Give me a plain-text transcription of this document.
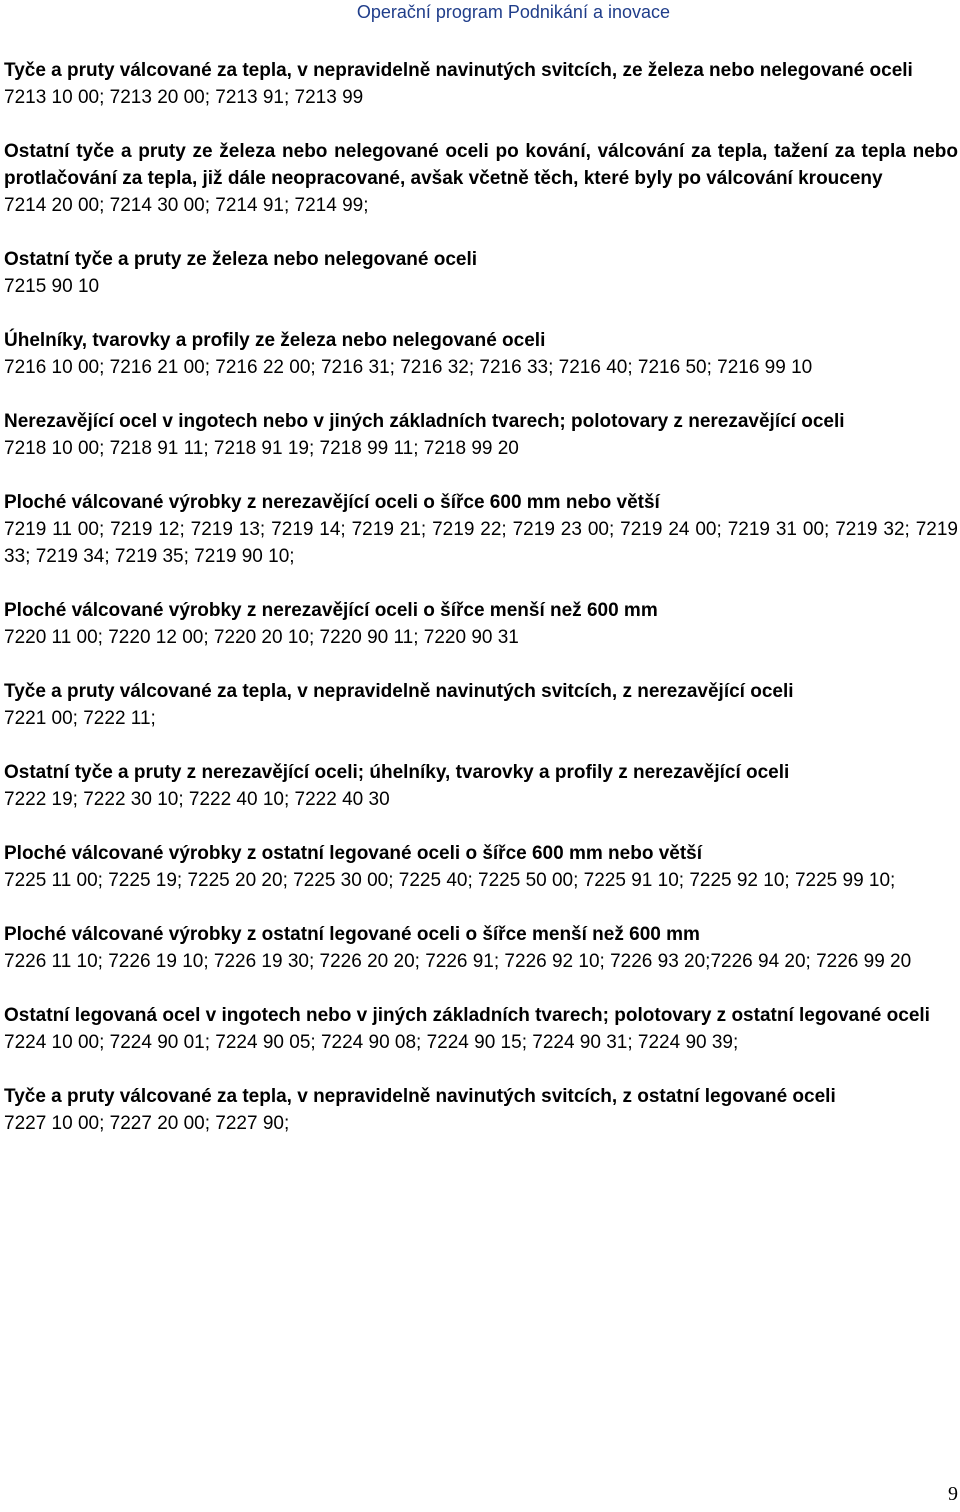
Operační program Podnikání a inovace

Tyče a pruty válcované za tepla, v nepravidelně navinutých svitcích, ze železa nebo nelegované oceli

7213 10 00; 7213 20 00; 7213 91; 7213 99

Ostatní tyče a pruty ze železa nebo nelegované oceli po kování, válcování za tepla, tažení za tepla nebo protlačování za tepla, již dále neopracované, avšak včetně těch, které byly po válcování krouceny

7214 20 00; 7214 30 00; 7214 91; 7214 99;

Ostatní tyče a pruty ze železa nebo nelegované oceli

7215 90 10

Úhelníky, tvarovky a profily ze železa nebo nelegované oceli

7216 10 00; 7216 21 00; 7216 22 00; 7216 31; 7216 32; 7216 33; 7216 40; 7216 50; 7216 99 10

Nerezavějící ocel v ingotech nebo v jiných základních tvarech; polotovary z nerezavějící oceli

7218 10 00; 7218 91 11; 7218 91 19; 7218 99 11; 7218 99 20

Ploché válcované výrobky z nerezavějící oceli o šířce 600 mm nebo větší

7219 11 00; 7219 12; 7219 13; 7219 14; 7219 21; 7219 22; 7219 23 00; 7219 24 00; 7219 31 00; 7219 32; 7219 33; 7219 34; 7219 35; 7219 90 10;

Ploché válcované výrobky z nerezavějící oceli o šířce menší než 600 mm

7220 11 00; 7220 12 00; 7220 20 10; 7220 90 11; 7220 90 31

Tyče a pruty válcované za tepla, v nepravidelně navinutých svitcích, z nerezavějící oceli

7221 00; 7222 11;

Ostatní tyče a pruty z nerezavějící oceli; úhelníky, tvarovky a profily z nerezavějící oceli

7222 19; 7222 30 10; 7222 40 10; 7222 40 30

Ploché válcované výrobky z ostatní legované oceli o šířce 600 mm nebo větší

7225 11 00; 7225 19; 7225 20 20; 7225 30 00; 7225 40; 7225 50 00; 7225 91 10; 7225 92 10; 7225 99 10;

Ploché válcované výrobky z ostatní legované oceli o šířce menší než 600 mm

7226 11 10; 7226 19 10; 7226 19 30; 7226 20 20; 7226 91; 7226 92 10; 7226 93 20;7226 94 20; 7226 99 20

Ostatní legovaná ocel v ingotech nebo v jiných základních tvarech; polotovary z ostatní legované oceli

7224 10 00; 7224 90 01; 7224 90 05; 7224 90 08; 7224 90 15; 7224 90 31; 7224 90 39;

Tyče a pruty válcované za tepla, v nepravidelně navinutých svitcích, z ostatní legované oceli

7227 10 00; 7227 20 00; 7227 90;

9
